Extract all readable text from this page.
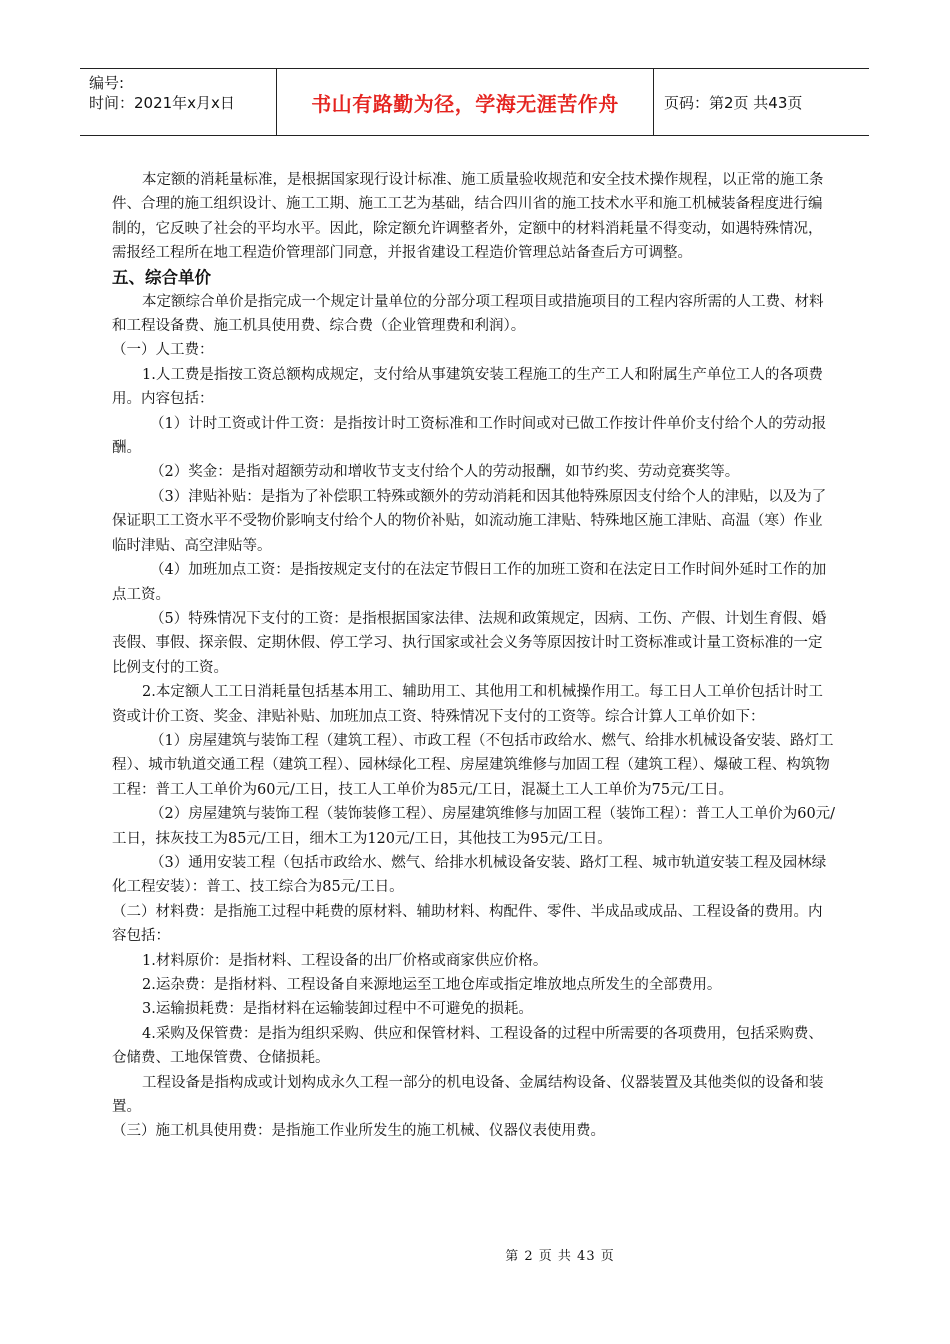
编号:
时间：2021年x月x日	书山有路勤为径，学海无涯苦作舟	页码：第2页 共43页

本定额的消耗量标准，是根据国家现行设计标准、施工质量验收规范和安全技术操作规程，以正常的施工条件、合理的施工组织设计、施工工期、施工工艺为基础，结合四川省的施工技术水平和施工机械装备程度进行编制的，它反映了社会的平均水平。因此，除定额允许调整者外，定额中的材料消耗量不得变动，如遇特殊情况，需报经工程所在地工程造价管理部门同意，并报省建设工程造价管理总站备查后方可调整。

五、综合单价

本定额综合单价是指完成一个规定计量单位的分部分项工程项目或措施项目的工程内容所需的人工费、材料和工程设备费、施工机具使用费、综合费（企业管理费和利润）。

（一）人工费：

1.人工费是指按工资总额构成规定，支付给从事建筑安装工程施工的生产工人和附属生产单位工人的各项费用。内容包括：

（1）计时工资或计件工资：是指按计时工资标准和工作时间或对已做工作按计件单价支付给个人的劳动报酬。

（2）奖金：是指对超额劳动和增收节支支付给个人的劳动报酬，如节约奖、劳动竞赛奖等。

（3）津贴补贴：是指为了补偿职工特殊或额外的劳动消耗和因其他特殊原因支付给个人的津贴，以及为了保证职工工资水平不受物价影响支付给个人的物价补贴，如流动施工津贴、特殊地区施工津贴、高温（寒）作业临时津贴、高空津贴等。

（4）加班加点工资：是指按规定支付的在法定节假日工作的加班工资和在法定日工作时间外延时工作的加点工资。

（5）特殊情况下支付的工资：是指根据国家法律、法规和政策规定，因病、工伤、产假、计划生育假、婚丧假、事假、探亲假、定期休假、停工学习、执行国家或社会义务等原因按计时工资标准或计量工资标准的一定比例支付的工资。

2.本定额人工工日消耗量包括基本用工、辅助用工、其他用工和机械操作用工。每工日人工单价包括计时工资或计价工资、奖金、津贴补贴、加班加点工资、特殊情况下支付的工资等。综合计算人工单价如下：

（1）房屋建筑与装饰工程（建筑工程）、市政工程（不包括市政给水、燃气、给排水机械设备安装、路灯工程）、城市轨道交通工程（建筑工程）、园林绿化工程、房屋建筑维修与加固工程（建筑工程）、爆破工程、构筑物工程：普工人工单价为60元/工日，技工人工单价为85元/工日，混凝土工人工单价为75元/工日。

（2）房屋建筑与装饰工程（装饰装修工程）、房屋建筑维修与加固工程（装饰工程）：普工人工单价为60元/工日，抹灰技工为85元/工日，细木工为120元/工日，其他技工为95元/工日。

（3）通用安装工程（包括市政给水、燃气、给排水机械设备安装、路灯工程、城市轨道安装工程及园林绿化工程安装）：普工、技工综合为85元/工日。

（二）材料费：是指施工过程中耗费的原材料、辅助材料、构配件、零件、半成品或成品、工程设备的费用。内容包括：

1.材料原价：是指材料、工程设备的出厂价格或商家供应价格。

2.运杂费：是指材料、工程设备自来源地运至工地仓库或指定堆放地点所发生的全部费用。

3.运输损耗费：是指材料在运输装卸过程中不可避免的损耗。

4.采购及保管费：是指为组织采购、供应和保管材料、工程设备的过程中所需要的各项费用，包括采购费、仓储费、工地保管费、仓储损耗。

工程设备是指构成或计划构成永久工程一部分的机电设备、金属结构设备、仪器装置及其他类似的设备和装置。

（三）施工机具使用费：是指施工作业所发生的施工机械、仪器仪表使用费。

第 2 页 共 43 页
